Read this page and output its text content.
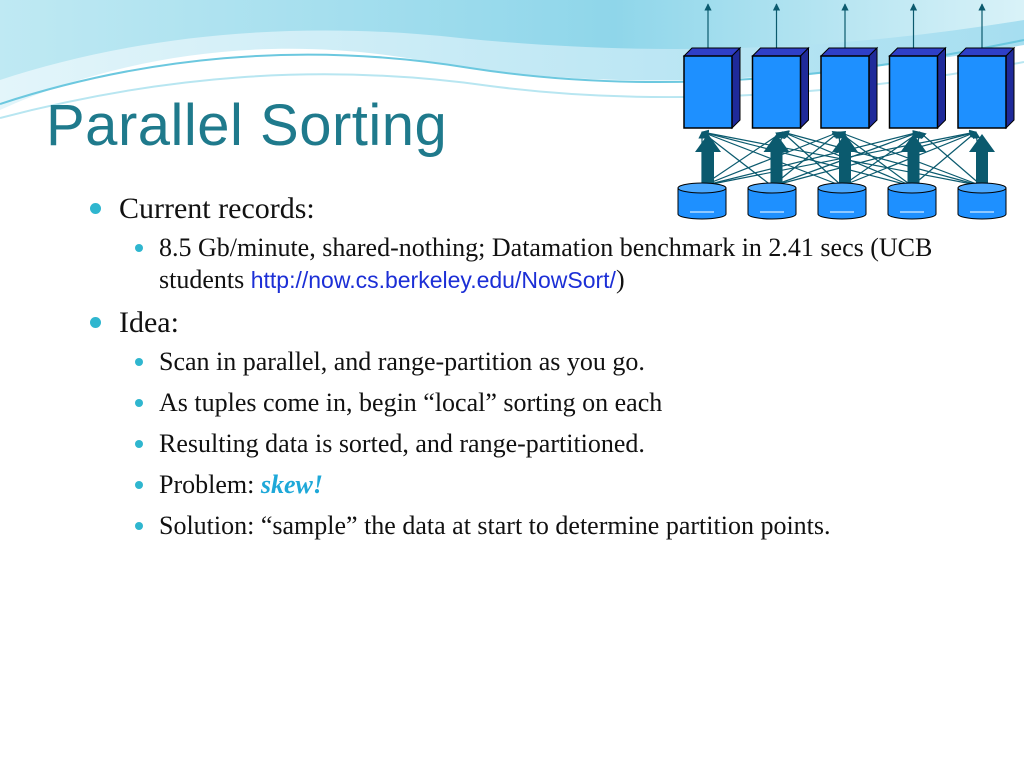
Parallel Sorting
Current records:
8.5 Gb/minute, shared-nothing; Datamation benchmark in 2.41 secs (UCB students http://now.cs.berkeley.edu/NowSort/)
Idea:
Scan in parallel, and range-partition as you go.
As tuples come in, begin “local” sorting on each
Resulting data is sorted, and range-partitioned.
Problem: skew!
Solution: “sample” the data at start to determine partition points.
